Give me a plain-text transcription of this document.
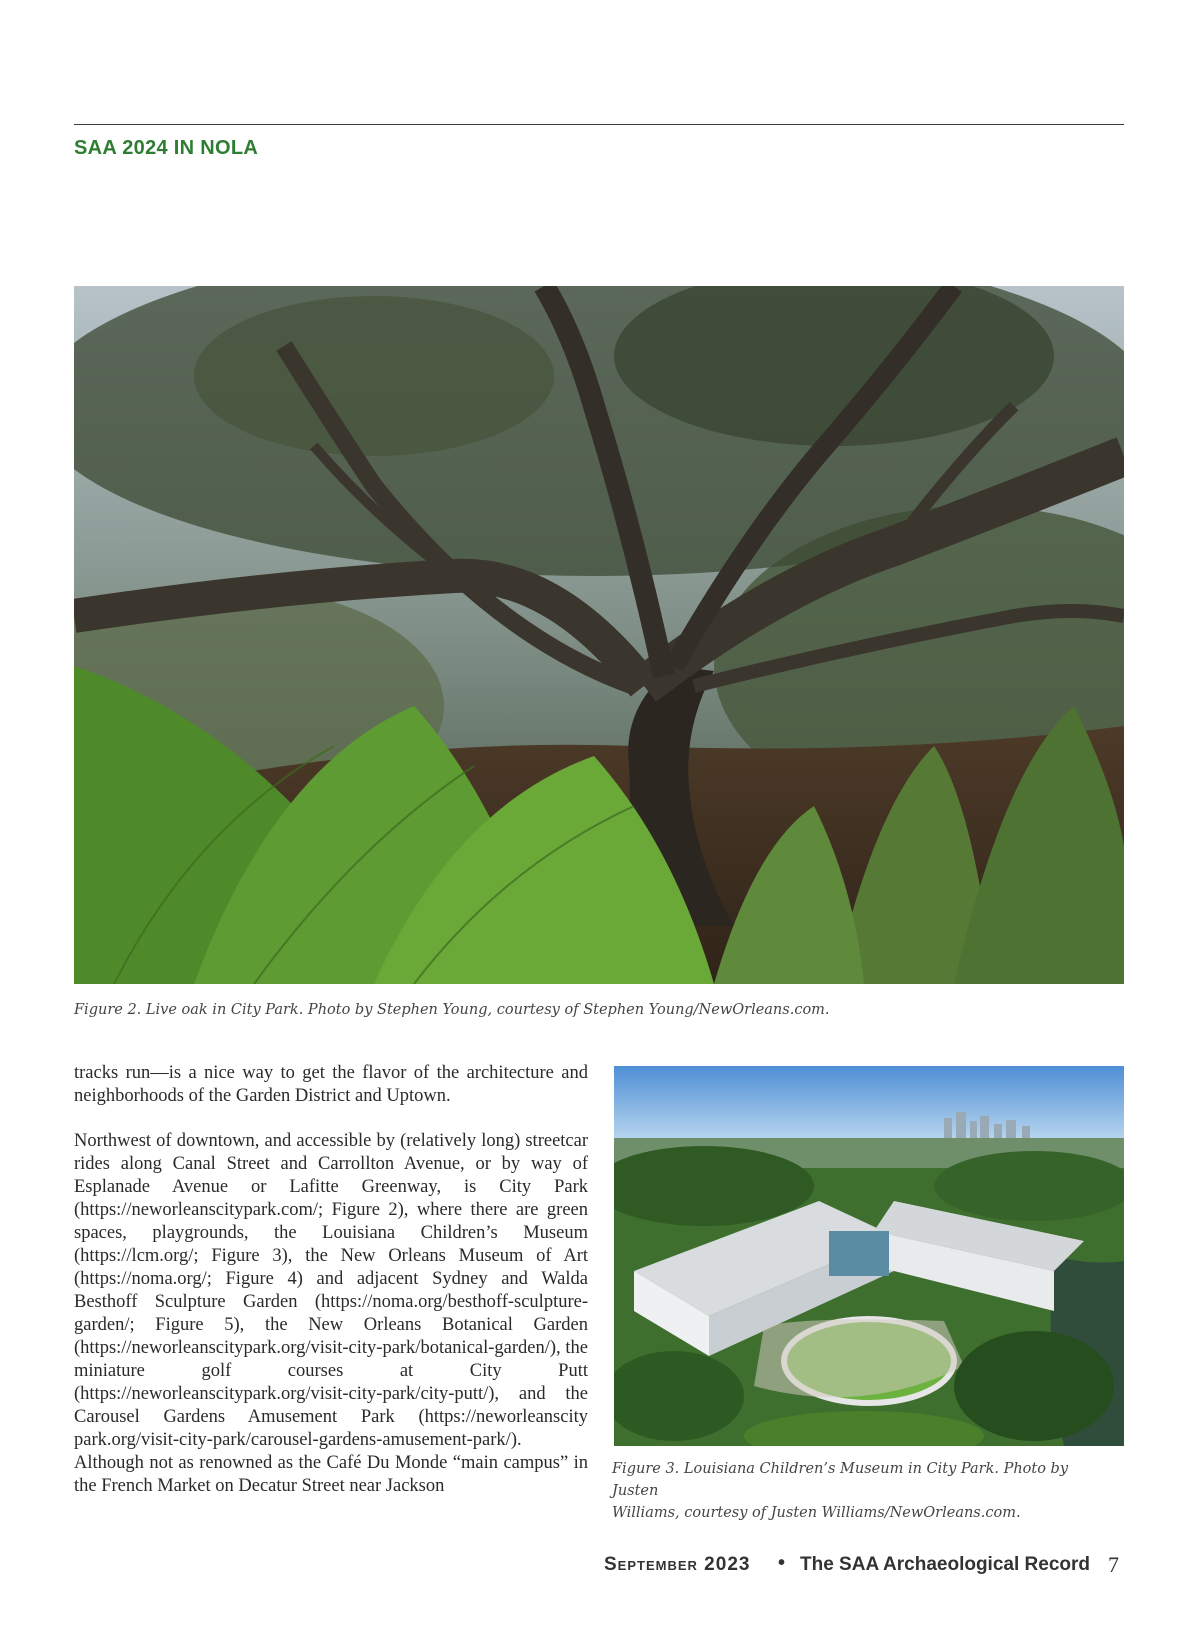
SAA 2024 IN NOLA
Figure 2. Live oak in City Park. Photo by Stephen Young, courtesy of Stephen Young/NewOrleans.com.

tracks run—is a nice way to get the flavor of the architecture and neighborhoods of the Garden District and Uptown.

Northwest of downtown, and accessible by (relatively long) streetcar rides along Canal Street and Carrollton Avenue, or by way of Esplanade Avenue or Lafitte Greenway, is City Park (https://neworleanscitypark.com/; Figure 2), where there are green spaces, playgrounds, the Louisiana Children’s Museum (https://lcm.org/; Figure 3), the New Orleans Museum of Art (https://noma.org/; Figure 4) and adjacent Sydney and Walda Besthoff Sculpture Garden (https://noma.org/besthoff-sculpture-garden/; Figure 5), the New Orleans Botanical Garden (https://neworleanscitypark.org/visit-city-park/botanical-garden/), the miniature golf courses at City Putt (https://neworleanscitypark.org/visit-city-park/city-putt/), and the Carousel Gardens Amusement Park (https://neworleanscity park.org/visit-city-park/carousel-gardens-amusement-park/). Although not as renowned as the Café Du Monde “main campus” in the French Market on Decatur Street near Jackson

Figure 3. Louisiana Children’s Museum in City Park. Photo by Justen
Williams, courtesy of Justen Williams/NewOrleans.com.
September 2023 • The SAA Archaeological Record 7
